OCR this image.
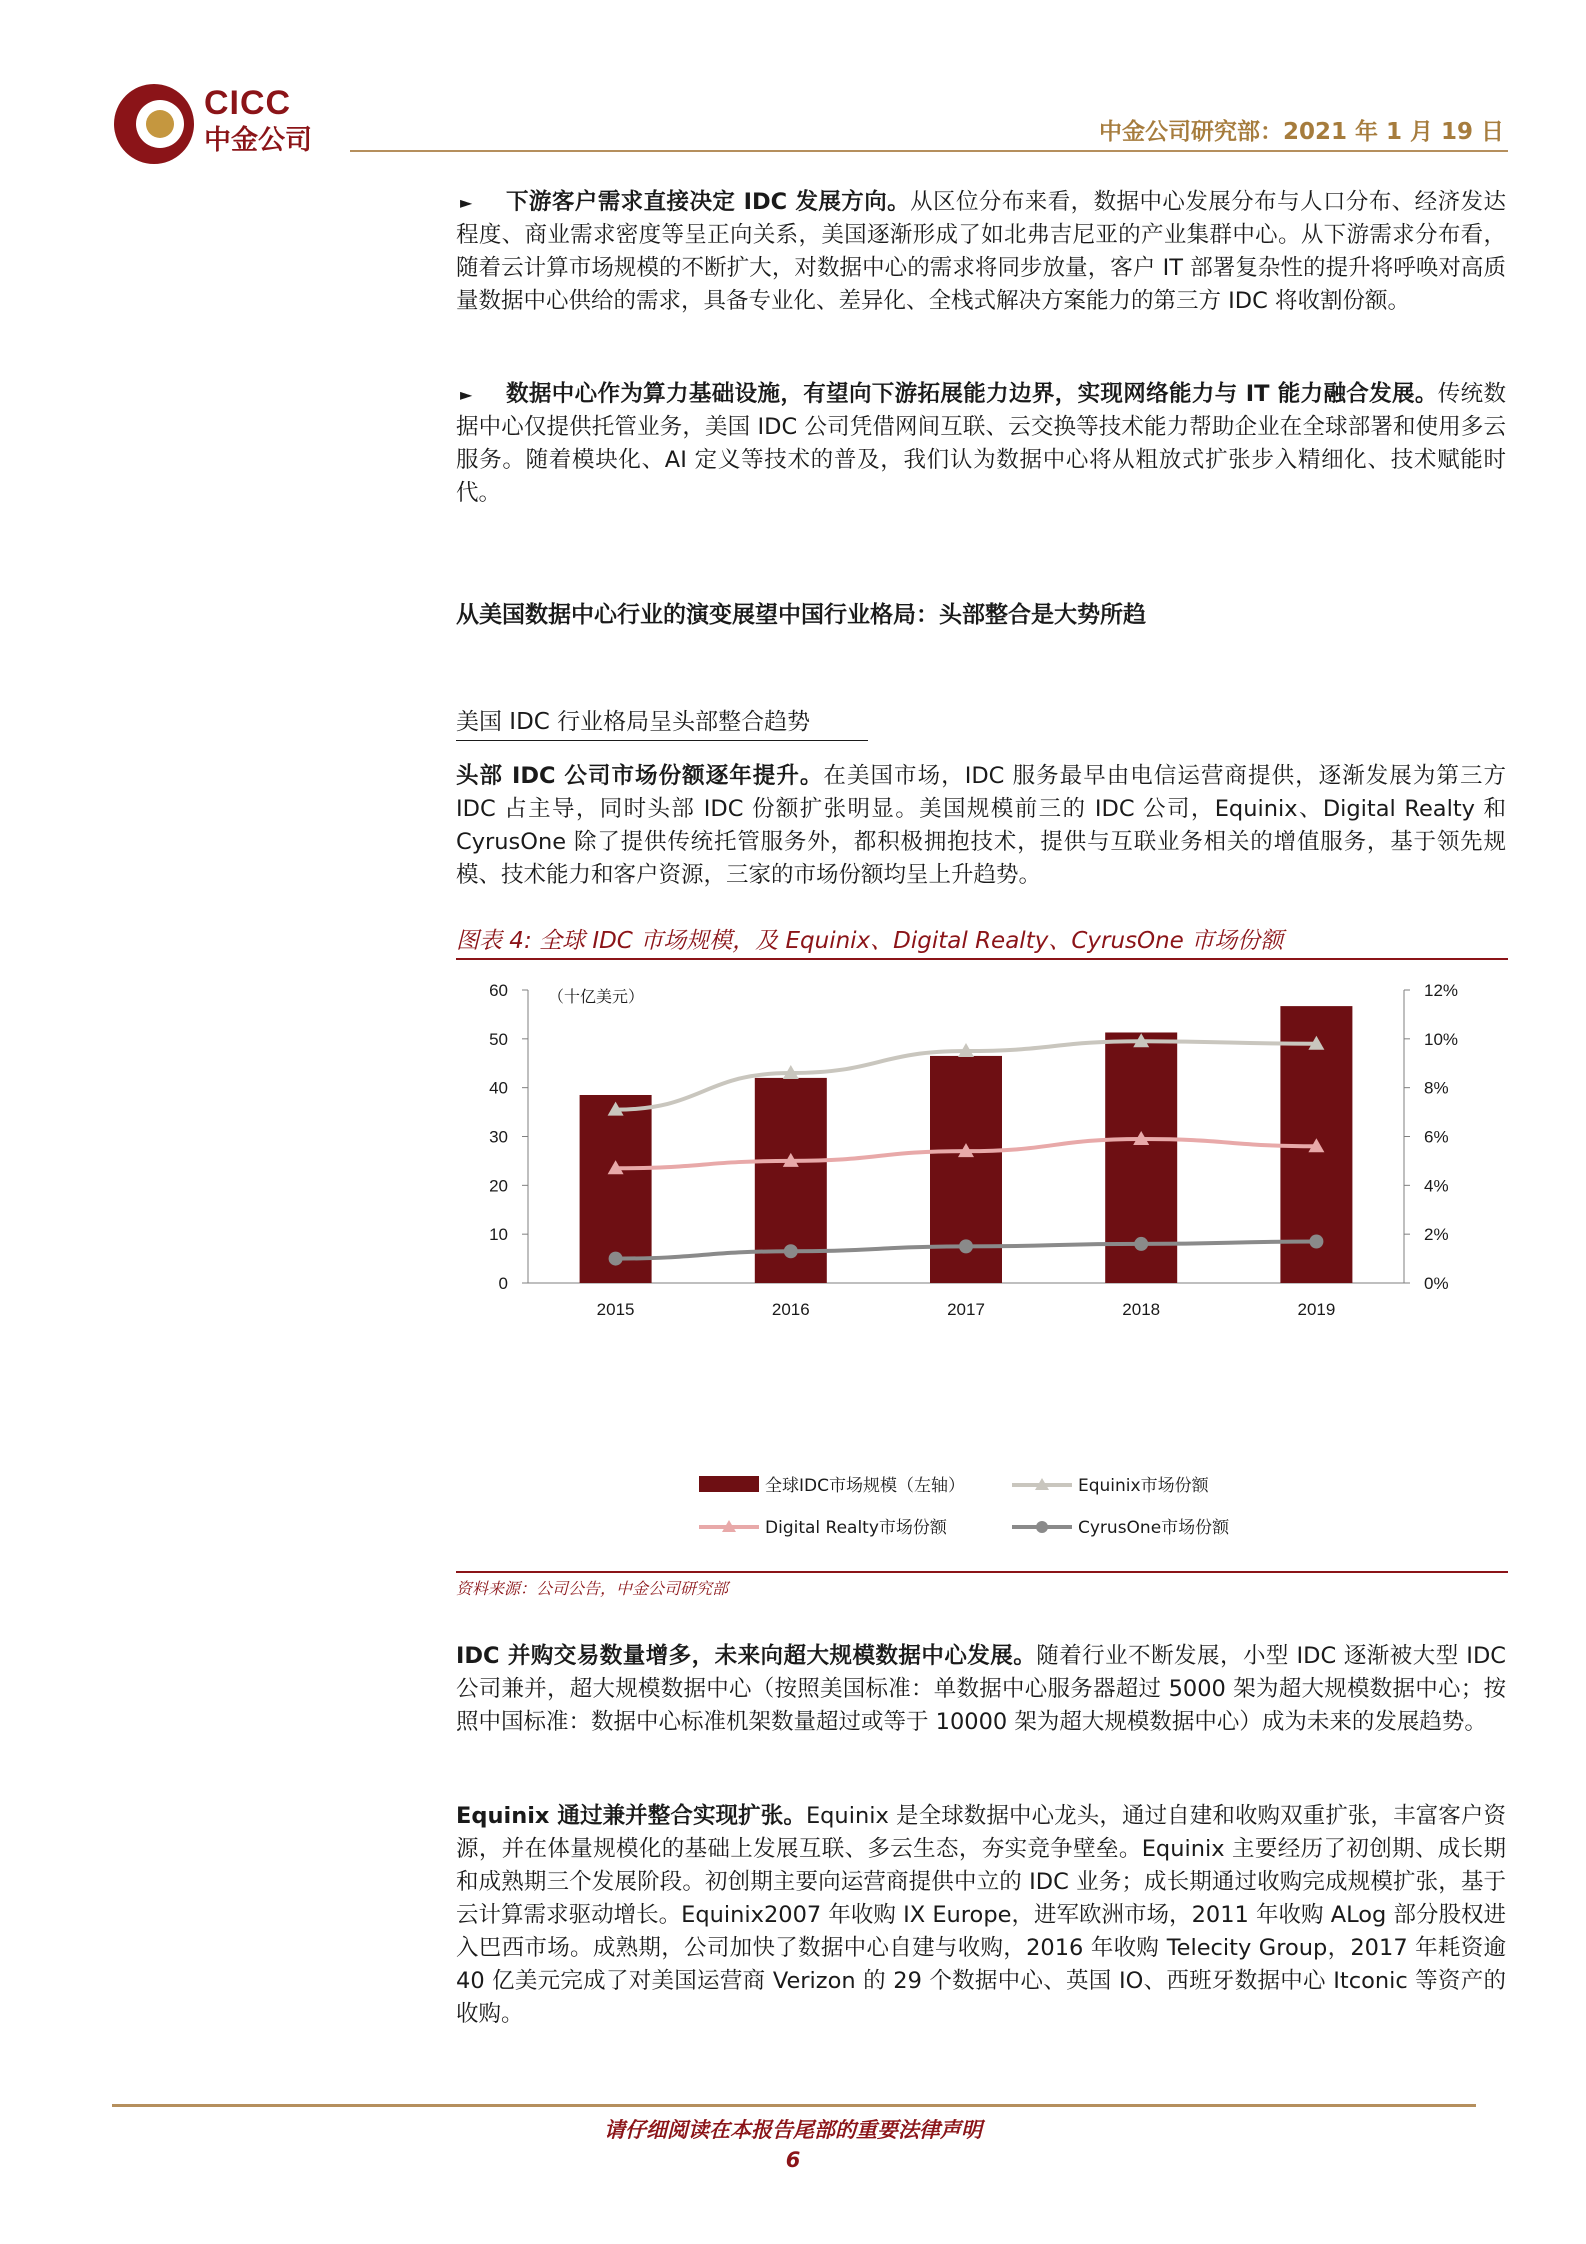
CICC
中金公司	中金公司研究部：2021 年 1 月 19 日
►	下游客户需求直接决定 IDC 发展方向。从区位分布来看，数据中心发展分布与人口分布、经济发达程度、商业需求密度等呈正向关系，美国逐渐形成了如北弗吉尼亚的产业集群中心。从下游需求分布看，随着云计算市场规模的不断扩大，对数据中心的需求将同步放量，客户 IT 部署复杂性的提升将呼唤对高质量数据中心供给的需求，具备专业化、差异化、全栈式解决方案能力的第三方 IDC 将收割份额。
►	数据中心作为算力基础设施，有望向下游拓展能力边界，实现网络能力与 IT 能力融合发展。传统数据中心仅提供托管业务，美国 IDC 公司凭借网间互联、云交换等技术能力帮助企业在全球部署和使用多云服务。随着模块化、AI 定义等技术的普及，我们认为数据中心将从粗放式扩张步入精细化、技术赋能时代。
从美国数据中心行业的演变展望中国行业格局：头部整合是大势所趋
美国 IDC 行业格局呈头部整合趋势
头部 IDC 公司市场份额逐年提升。在美国市场，IDC 服务最早由电信运营商提供，逐渐发展为第三方 IDC 占主导，同时头部 IDC 份额扩张明显。美国规模前三的 IDC 公司，Equinix、Digital Realty 和 CyrusOne 除了提供传统托管服务外，都积极拥抱技术，提供与互联业务相关的增值服务，基于领先规模、技术能力和客户资源，三家的市场份额均呈上升趋势。
图表 4: 全球 IDC 市场规模，及 Equinix、Digital Realty、CyrusOne 市场份额
0
10
20
30
40
50
60
0%
2%
4%
6%
8%
10%
12%
（十亿美元）
2015	2016	2017	2018	2019
全球IDC市场规模（左轴）	Equinix市场份额
Digital Realty市场份额	CyrusOne市场份额
资料来源：公司公告，中金公司研究部
IDC 并购交易数量增多，未来向超大规模数据中心发展。随着行业不断发展，小型 IDC 逐渐被大型 IDC 公司兼并，超大规模数据中心（按照美国标准：单数据中心服务器超过 5000 架为超大规模数据中心；按照中国标准：数据中心标准机架数量超过或等于 10000 架为超大规模数据中心）成为未来的发展趋势。
Equinix 通过兼并整合实现扩张。Equinix 是全球数据中心龙头，通过自建和收购双重扩张，丰富客户资源，并在体量规模化的基础上发展互联、多云生态，夯实竞争壁垒。Equinix 主要经历了初创期、成长期和成熟期三个发展阶段。初创期主要向运营商提供中立的 IDC 业务；成长期通过收购完成规模扩张，基于云计算需求驱动增长。Equinix2007 年收购 IX Europe，进军欧洲市场，2011 年收购 ALog 部分股权进入巴西市场。成熟期，公司加快了数据中心自建与收购，2016 年收购 Telecity Group，2017 年耗资逾 40 亿美元完成了对美国运营商 Verizon 的 29 个数据中心、英国 IO、西班牙数据中心 Itconic 等资产的收购。
请仔细阅读在本报告尾部的重要法律声明
6
